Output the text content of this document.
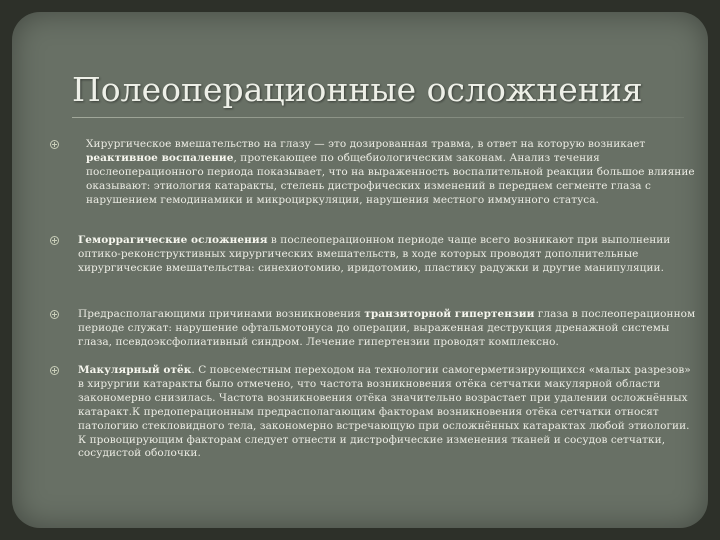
Полеоперационные осложнения

Хирургическое вмешательство на глазу — это дозированная травма, в ответ на которую возникает реактивное воспаление, протекающее по общебиологическим законам. Анализ течения послеоперационного периода показывает, что на выраженность воспалительной реакции большое влияние оказывают: этиология катаракты, стелень дистрофических изменений в переднем сегменте глаза с нарушением гемодинамики и микроциркуляции, нарушения местного иммунного статуса.

Геморрагические осложнения в послеоперационном периоде чаще всего возникают при выполнении оптико-реконструктивных хирургических вмешательств, в ходе которых проводят дополнительные хирургические вмешательства: синехиотомию, иридотомию, пластику радужки и другие манипуляции.

Предрасполагающими причинами возникновения транзиторной гипертензии глаза в послеоперационном периоде служат: нарушение офтальмотонуса до операции, выраженная деструкция дренажной системы глаза, псевдоэксфолиативный синдром. Лечение гипертензии проводят комплексно.

Макулярный отёк. С повсеместным переходом на технологии самогерметизирующихся «малых разрезов» в хирургии катаракты было отмечено, что частота возникновения отёка сетчатки макулярной области закономерно снизилась. Частота возникновения отёка значительно возрастает при удалении осложнённых катаракт.К предоперационным предрасполагающим факторам возникновения отёка сетчатки относят патологию стекловидного тела, закономерно встречающую при осложнённых катарактах любой этиологии. К провоцирующим факторам следует отнести и дистрофические изменения тканей и сосудов сетчатки, сосудистой оболочки.
